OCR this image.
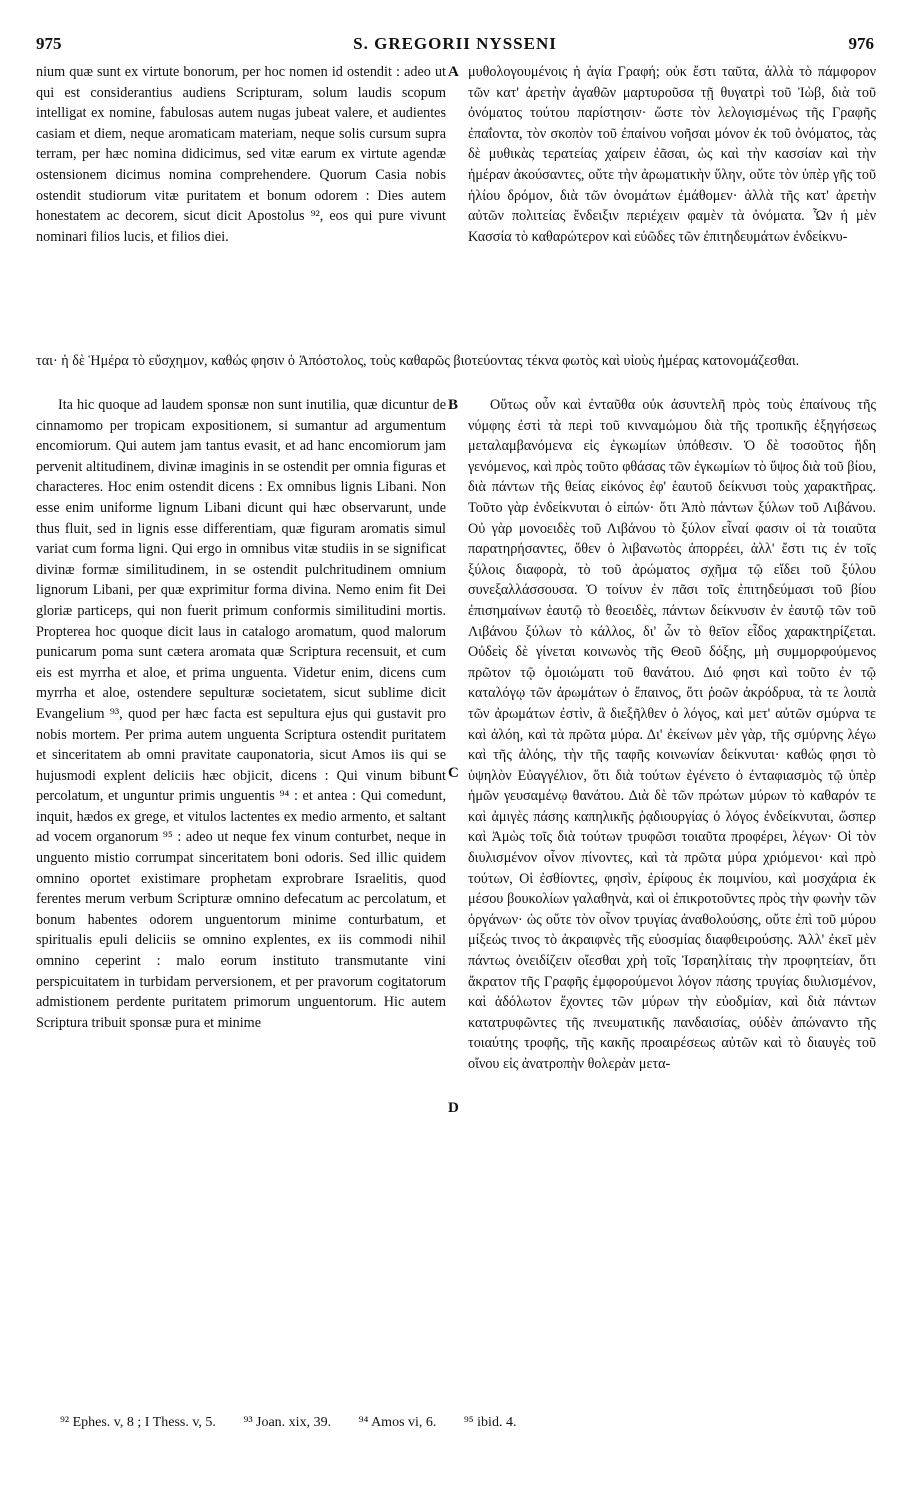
975	S. GREGORII NYSSENI	976
A
B
C
D

nium quæ sunt ex virtute bonorum, per hoc nomen id ostendit : adeo ut qui est considerantius audiens Scripturam, solum laudis scopum intelligat ex nomine, fabulosas autem nugas jubeat valere, et audientes casiam et diem, neque aromaticam materiam, neque solis cursum supra terram, per hæc nomina didicimus, sed vitæ earum ex virtute agendæ ostensionem dicimus nomina comprehendere. Quorum Casia nobis ostendit studiorum vitæ puritatem et bonum odorem : Dies autem honestatem ac decorem, sicut dicit Apostolus ⁹², eos qui pure vivunt nominari filios lucis, et filios diei.

μυθολογουμένοις ἡ ἁγία Γραφή; οὐκ ἔστι ταῦτα, ἀλλὰ τὸ πάμφορον τῶν κατ' ἀρετὴν ἀγαθῶν μαρτυροῦσα τῇ θυγατρὶ τοῦ Ἰὼβ, διὰ τοῦ ὀνόματος τούτου παρίστησιν· ὥστε τὸν λελογισμένως τῆς Γραφῆς ἐπαΐοντα, τὸν σκοπὸν τοῦ ἐπαίνου νοῆσαι μόνον ἐκ τοῦ ὀνόματος, τὰς δὲ μυθικὰς τερατείας χαίρειν ἐᾶσαι, ὡς καὶ τὴν κασσίαν καὶ τὴν ἡμέραν ἀκούσαντες, οὔτε τὴν ἀρωματικὴν ὕλην, οὔτε τὸν ὑπὲρ γῆς τοῦ ἡλίου δρόμον, διὰ τῶν ὀνομάτων ἐμάθομεν· ἀλλὰ τῆς κατ' ἀρετὴν αὐτῶν πολιτείας ἔνδειξιν περιέχειν φαμὲν τὰ ὀνόματα. Ὧν ἡ μὲν Κασσία τὸ καθαρώτερον καὶ εὐῶδες τῶν ἐπιτηδευμάτων ἐνδείκνυ-

ται· ἡ δὲ Ἡμέρα τὸ εὔσχημον, καθώς φησιν ὁ Ἀπόστολος, τοὺς καθαρῶς βιοτεύοντας τέκνα φωτὸς καὶ υἱοὺς ἡμέρας κατονομάζεσθαι.

Ita hic quoque ad laudem sponsæ non sunt inutilia, quæ dicuntur de cinnamomo per tropicam expositionem, si sumantur ad argumentum encomiorum. Qui autem jam tantus evasit, et ad hanc encomiorum jam pervenit altitudinem, divinæ imaginis in se ostendit per omnia figuras et characteres. Hoc enim ostendit dicens : Ex omnibus lignis Libani. Non esse enim uniforme lignum Libani dicunt qui hæc observarunt, unde thus fluit, sed in lignis esse differentiam, quæ figuram aromatis simul variat cum forma ligni. Qui ergo in omnibus vitæ studiis in se significat divinæ formæ similitudinem, in se ostendit pulchritudinem omnium lignorum Libani, per quæ exprimitur forma divina. Nemo enim fit Dei gloriæ particeps, qui non fuerit primum conformis similitudini mortis. Propterea hoc quoque dicit laus in catalogo aromatum, quod malorum punicarum poma sunt cætera aromata quæ Scriptura recensuit, et cum eis est myrrha et aloe, et prima unguenta. Videtur enim, dicens cum myrrha et aloe, ostendere sepulturæ societatem, sicut sublime dicit Evangelium ⁹³, quod per hæc facta est sepultura ejus qui gustavit pro nobis mortem. Per prima autem unguenta Scriptura ostendit puritatem et sinceritatem ab omni pravitate cauponatoria, sicut Amos iis qui se hujusmodi explent deliciis hæc objicit, dicens : Qui vinum bibunt percolatum, et unguntur primis unguentis ⁹⁴ : et antea : Qui comedunt, inquit, hædos ex grege, et vitulos lactentes ex medio armento, et saltant ad vocem organorum ⁹⁵ : adeo ut neque fex vinum conturbet, neque in unguento mistio corrumpat sinceritatem boni odoris. Sed illic quidem omnino oportet existimare prophetam exprobrare Israelitis, quod ferentes merum verbum Scripturæ omnino defecatum ac percolatum, et bonum habentes odorem unguentorum minime conturbatum, et spiritualis epuli deliciis se omnino explentes, ex iis commodi nihil omnino ceperint : malo eorum instituto transmutante vini perspicuitatem in turbidam perversionem, et per pravorum cogitatorum admistionem perdente puritatem primorum unguentorum. Hic autem Scriptura tribuit sponsæ pura et minime

Οὕτως οὖν καὶ ἐνταῦθα οὐκ ἀσυντελῆ πρὸς τοὺς ἐπαίνους τῆς νύμφης ἐστὶ τὰ περὶ τοῦ κινναμώμου διὰ τῆς τροπικῆς ἐξηγήσεως μεταλαμβανόμενα εἰς ἐγκωμίων ὑπόθεσιν. Ὁ δὲ τοσοῦτος ἤδη γενόμενος, καὶ πρὸς τοῦτο φθάσας τῶν ἐγκωμίων τὸ ὕψος διὰ τοῦ βίου, διὰ πάντων τῆς θείας εἰκόνος ἐφ' ἑαυτοῦ δείκνυσι τοὺς χαρακτῆρας. Τοῦτο γὰρ ἐνδείκνυται ὁ εἰπών· ὅτι Ἀπὸ πάντων ξύλων τοῦ Λιβάνου. Οὐ γὰρ μονοειδὲς τοῦ Λιβάνου τὸ ξύλον εἶναί φασιν οἱ τὰ τοιαῦτα παρατηρήσαντες, ὅθεν ὁ λιβανωτὸς ἀπορρέει, ἀλλ' ἔστι τις ἐν τοῖς ξύλοις διαφορὰ, τὸ τοῦ ἀρώματος σχῆμα τῷ εἴδει τοῦ ξύλου συνεξαλλάσσουσα. Ὁ τοίνυν ἐν πᾶσι τοῖς ἐπιτηδεύμασι τοῦ βίου ἐπισημαίνων ἑαυτῷ τὸ θεοειδὲς, πάντων δείκνυσιν ἐν ἑαυτῷ τῶν τοῦ Λιβάνου ξύλων τὸ κάλλος, δι' ὧν τὸ θεῖον εἶδος χαρακτηρίζεται. Οὐδεὶς δὲ γίνεται κοινωνὸς τῆς Θεοῦ δόξης, μὴ συμμορφούμενος πρῶτον τῷ ὁμοιώματι τοῦ θανάτου. Διό φησι καὶ τοῦτο ἐν τῷ καταλόγῳ τῶν ἀρωμάτων ὁ ἔπαινος, ὅτι ῥοῶν ἀκρόδρυα, τὰ τε λοιπὰ τῶν ἀρωμάτων ἐστὶν, ἃ διεξῆλθεν ὁ λόγος, καὶ μετ' αὐτῶν σμύρνα τε καὶ ἀλόη, καὶ τὰ πρῶτα μύρα. Δι' ἐκείνων μὲν γὰρ, τῆς σμύρνης λέγω καὶ τῆς ἀλόης, τὴν τῆς ταφῆς κοινωνίαν δείκνυται· καθώς φησι τὸ ὑψηλὸν Εὐαγγέλιον, ὅτι διὰ τούτων ἐγένετο ὁ ἐνταφιασμὸς τῷ ὑπὲρ ἡμῶν γευσαμένῳ θανάτου. Διὰ δὲ τῶν πρώτων μύρων τὸ καθαρόν τε καὶ ἀμιγὲς πάσης καπηλικῆς ῥᾳδιουργίας ὁ λόγος ἐνδείκνυται, ὥσπερ καὶ Ἀμὼς τοῖς διὰ τούτων τρυφῶσι τοιαῦτα προφέρει, λέγων· Οἱ τὸν διυλισμένον οἶνον πίνοντες, καὶ τὰ πρῶτα μύρα χριόμενοι· καὶ πρὸ τούτων, Οἱ ἐσθίοντες, φησὶν, ἐρίφους ἐκ ποιμνίου, καὶ μοσχάρια ἐκ μέσου βουκολίων γαλαθηνὰ, καὶ οἱ ἐπικροτοῦντες πρὸς τὴν φωνὴν τῶν ὀργάνων· ὡς οὔτε τὸν οἶνον τρυγίας ἀναθολούσης, οὔτε ἐπὶ τοῦ μύρου μίξεώς τινος τὸ ἀκραιφνὲς τῆς εὐοσμίας διαφθειρούσης. Ἀλλ' ἐκεῖ μὲν πάντως ὀνειδίζειν οἴεσθαι χρὴ τοῖς Ἰσραηλίταις τὴν προφητείαν, ὅτι ἄκρατον τῆς Γραφῆς ἐμφορούμενοι λόγον πάσης τρυγίας διυλισμένον, καὶ ἀδόλωτον ἔχοντες τῶν μύρων τὴν εὐοδμίαν, καὶ διὰ πάντων κατατρυφῶντες τῆς πνευματικῆς πανδαισίας, οὐδὲν ἀπώναντο τῆς τοιαύτης τροφῆς, τῆς κακῆς προαιρέσεως αὐτῶν καὶ τὸ διαυγὲς τοῦ οἴνου εἰς ἀνατροπὴν θολερὰν μετα-

⁹² Ephes. v, 8 ; I Thess. v, 5. ⁹³ Joan. xix, 39. ⁹⁴ Amos vi, 6. ⁹⁵ ibid. 4.
